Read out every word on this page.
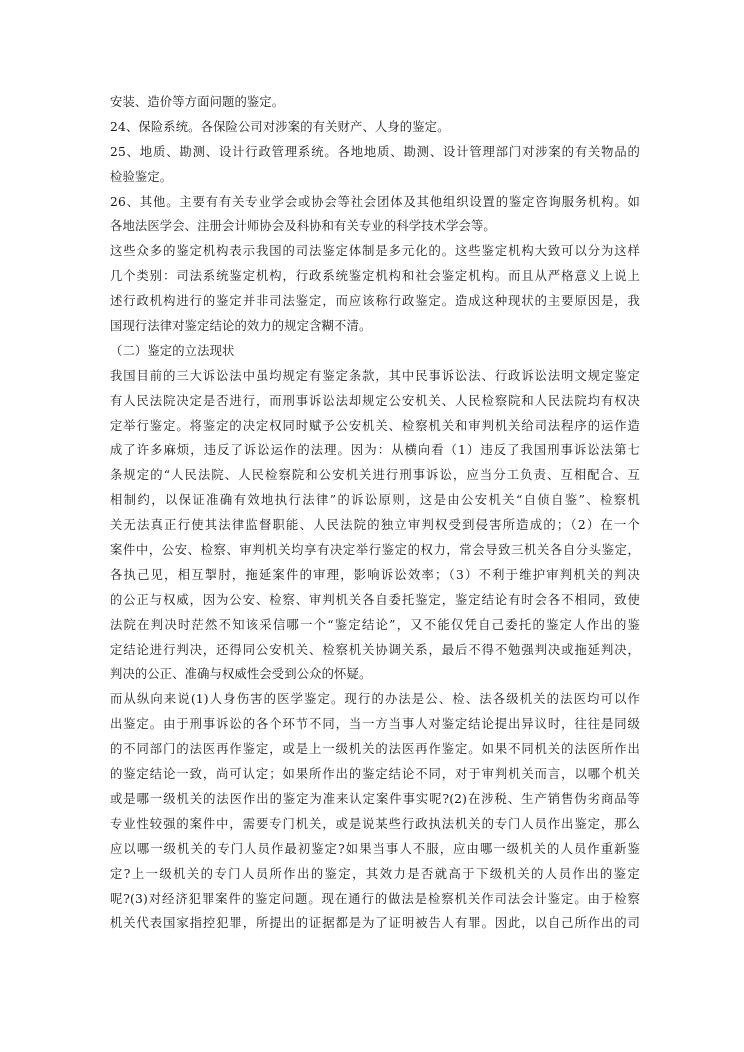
安装、造价等方面问题的鉴定。
24、保险系统。各保险公司对涉案的有关财产、人身的鉴定。
25、地质、勘测、设计行政管理系统。各地地质、勘测、设计管理部门对涉案的有关物品的
检验鉴定。
26、其他。主要有有关专业学会或协会等社会团体及其他组织设置的鉴定咨询服务机构。如
各地法医学会、注册会计师协会及科协和有关专业的科学技术学会等。
这些众多的鉴定机构表示我国的司法鉴定体制是多元化的。这些鉴定机构大致可以分为这样
几个类别：司法系统鉴定机构，行政系统鉴定机构和社会鉴定机构。而且从严格意义上说上
述行政机构进行的鉴定并非司法鉴定，而应该称行政鉴定。造成这种现状的主要原因是，我
国现行法律对鉴定结论的效力的规定含糊不清。
（二）鉴定的立法现状
我国目前的三大诉讼法中虽均规定有鉴定条款，其中民事诉讼法、行政诉讼法明文规定鉴定
有人民法院决定是否进行，而刑事诉讼法却规定公安机关、人民检察院和人民法院均有权决
定举行鉴定。将鉴定的决定权同时赋予公安机关、检察机关和审判机关给司法程序的运作造
成了许多麻烦，违反了诉讼运作的法理。因为：从横向看（1）违反了我国刑事诉讼法第七
条规定的“人民法院、人民检察院和公安机关进行刑事诉讼，应当分工负责、互相配合、互
相制约，以保证准确有效地执行法律”的诉讼原则，这是由公安机关“自侦自鉴”、检察机
关无法真正行使其法律监督职能、人民法院的独立审判权受到侵害所造成的；（2）在一个
案件中，公安、检察、审判机关均享有决定举行鉴定的权力，常会导致三机关各自分头鉴定，
各执己见，相互掣肘，拖延案件的审理，影响诉讼效率；（3）不利于维护审判机关的判决
的公正与权威，因为公安、检察、审判机关各自委托鉴定，鉴定结论有时会各不相同，致使
法院在判决时茫然不知该采信哪一个“鉴定结论”，又不能仅凭自己委托的鉴定人作出的鉴
定结论进行判决，还得同公安机关、检察机关协调关系，最后不得不勉强判决或拖延判决，
判决的公正、准确与权威性会受到公众的怀疑。
而从纵向来说(1)人身伤害的医学鉴定。现行的办法是公、检、法各级机关的法医均可以作
出鉴定。由于刑事诉讼的各个环节不同，当一方当事人对鉴定结论提出异议时，往往是同级
的不同部门的法医再作鉴定，或是上一级机关的法医再作鉴定。如果不同机关的法医所作出
的鉴定结论一致，尚可认定；如果所作出的鉴定结论不同，对于审判机关而言，以哪个机关
或是哪一级机关的法医作出的鉴定为准来认定案件事实呢?(2)在涉税、生产销售伪劣商品等
专业性较强的案件中，需要专门机关，或是说某些行政执法机关的专门人员作出鉴定，那么
应以哪一级机关的专门人员作最初鉴定?如果当事人不服，应由哪一级机关的人员作重新鉴
定?上一级机关的专门人员所作出的鉴定，其效力是否就高于下级机关的人员作出的鉴定
呢?(3)对经济犯罪案件的鉴定问题。现在通行的做法是检察机关作司法会计鉴定。由于检察
机关代表国家指控犯罪，所提出的证据都是为了证明被告人有罪。因此，以自己所作出的司
